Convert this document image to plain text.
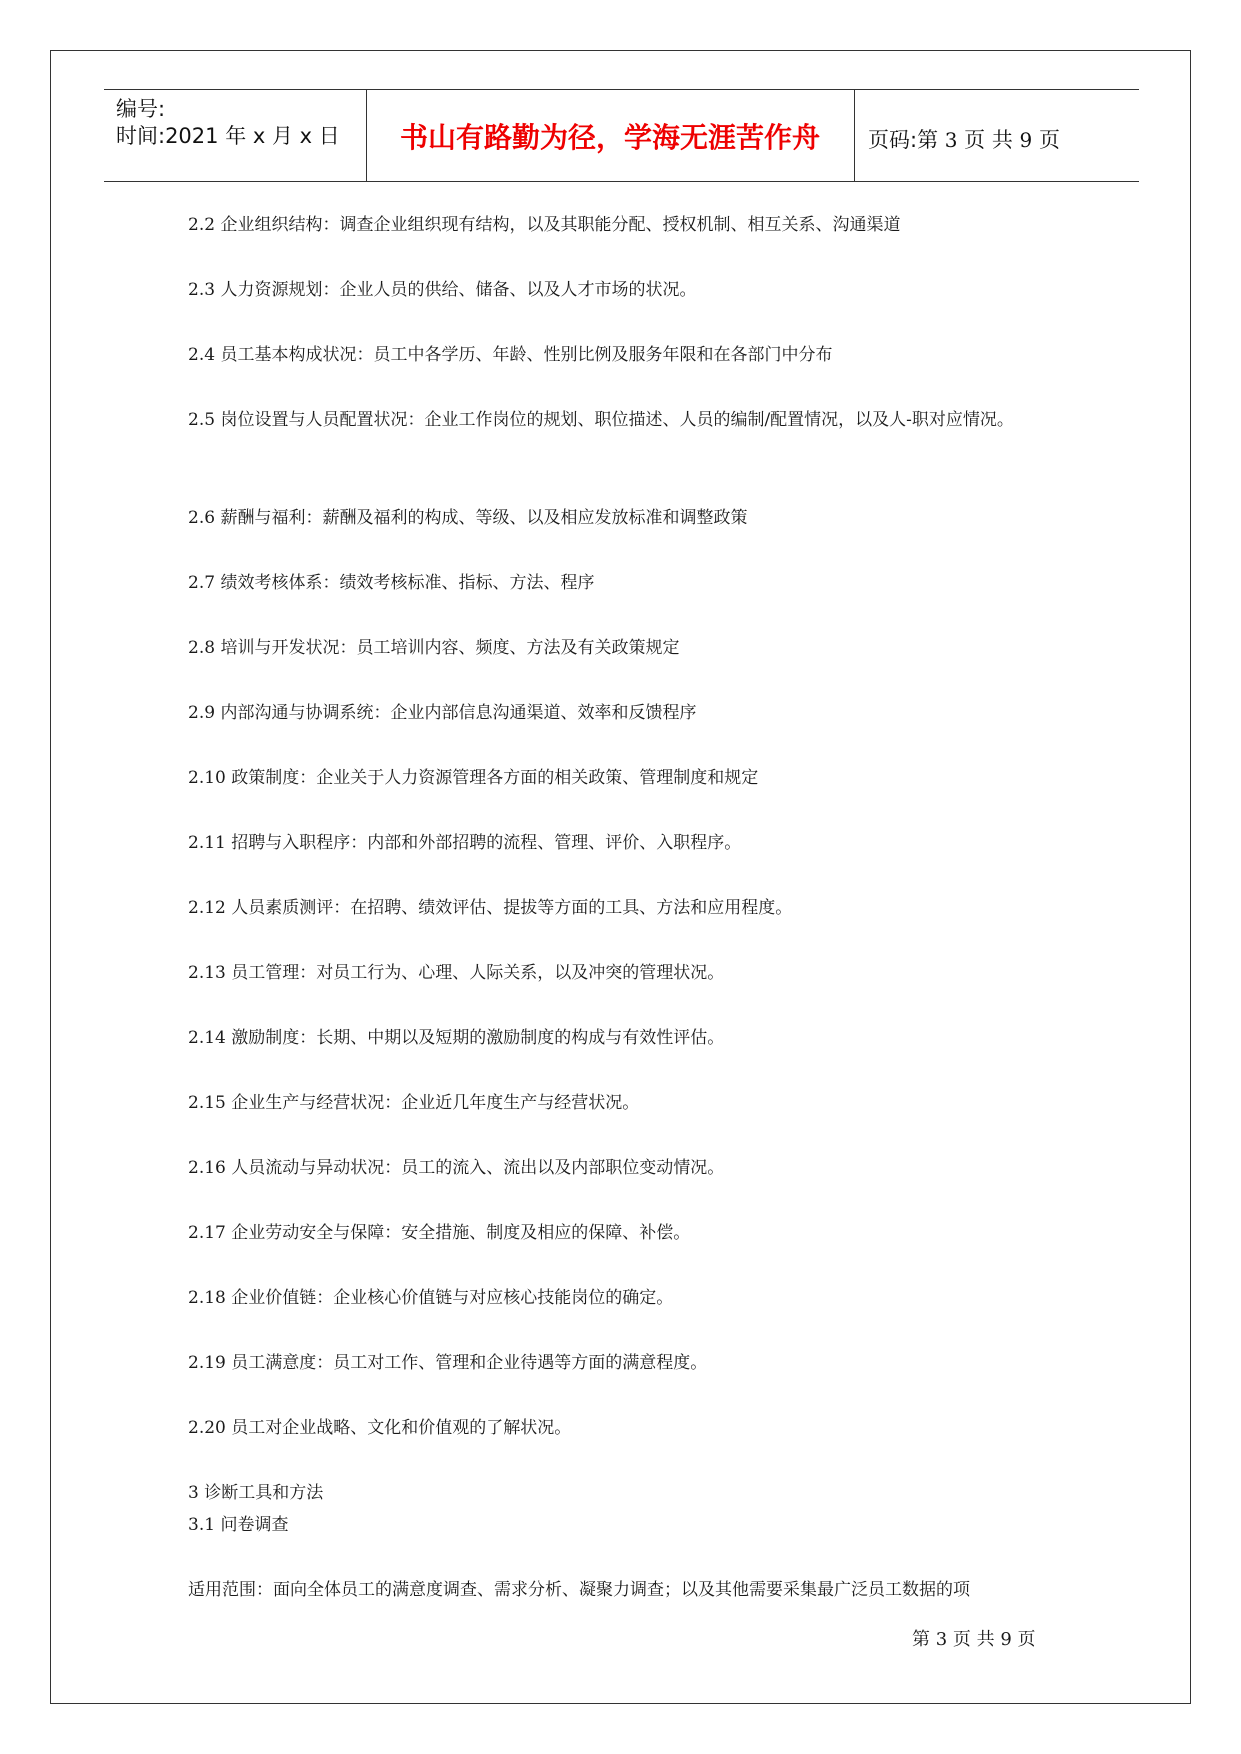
编号:
时间:2021 年 x 月 x 日	书山有路勤为径，学海无涯苦作舟	页码:第 3 页 共 9 页
2.2 企业组织结构：调查企业组织现有结构，以及其职能分配、授权机制、相互关系、沟通渠道
2.3 人力资源规划：企业人员的供给、储备、以及人才市场的状况。
2.4 员工基本构成状况：员工中各学历、年龄、性别比例及服务年限和在各部门中分布
2.5 岗位设置与人员配置状况：企业工作岗位的规划、职位描述、人员的编制/配置情况，以及人-职对应情况。
2.6 薪酬与福利：薪酬及福利的构成、等级、以及相应发放标准和调整政策
2.7 绩效考核体系：绩效考核标准、指标、方法、程序
2.8 培训与开发状况：员工培训内容、频度、方法及有关政策规定
2.9 内部沟通与协调系统：企业内部信息沟通渠道、效率和反馈程序
2.10 政策制度：企业关于人力资源管理各方面的相关政策、管理制度和规定
2.11 招聘与入职程序：内部和外部招聘的流程、管理、评价、入职程序。
2.12 人员素质测评：在招聘、绩效评估、提拔等方面的工具、方法和应用程度。
2.13 员工管理：对员工行为、心理、人际关系，以及冲突的管理状况。
2.14 激励制度：长期、中期以及短期的激励制度的构成与有效性评估。
2.15 企业生产与经营状况：企业近几年度生产与经营状况。
2.16 人员流动与异动状况：员工的流入、流出以及内部职位变动情况。
2.17 企业劳动安全与保障：安全措施、制度及相应的保障、补偿。
2.18 企业价值链：企业核心价值链与对应核心技能岗位的确定。
2.19 员工满意度：员工对工作、管理和企业待遇等方面的满意程度。
2.20 员工对企业战略、文化和价值观的了解状况。
3 诊断工具和方法
3.1 问卷调查
适用范围：面向全体员工的满意度调查、需求分析、凝聚力调查；以及其他需要采集最广泛员工数据的项
第 3 页 共 9 页
